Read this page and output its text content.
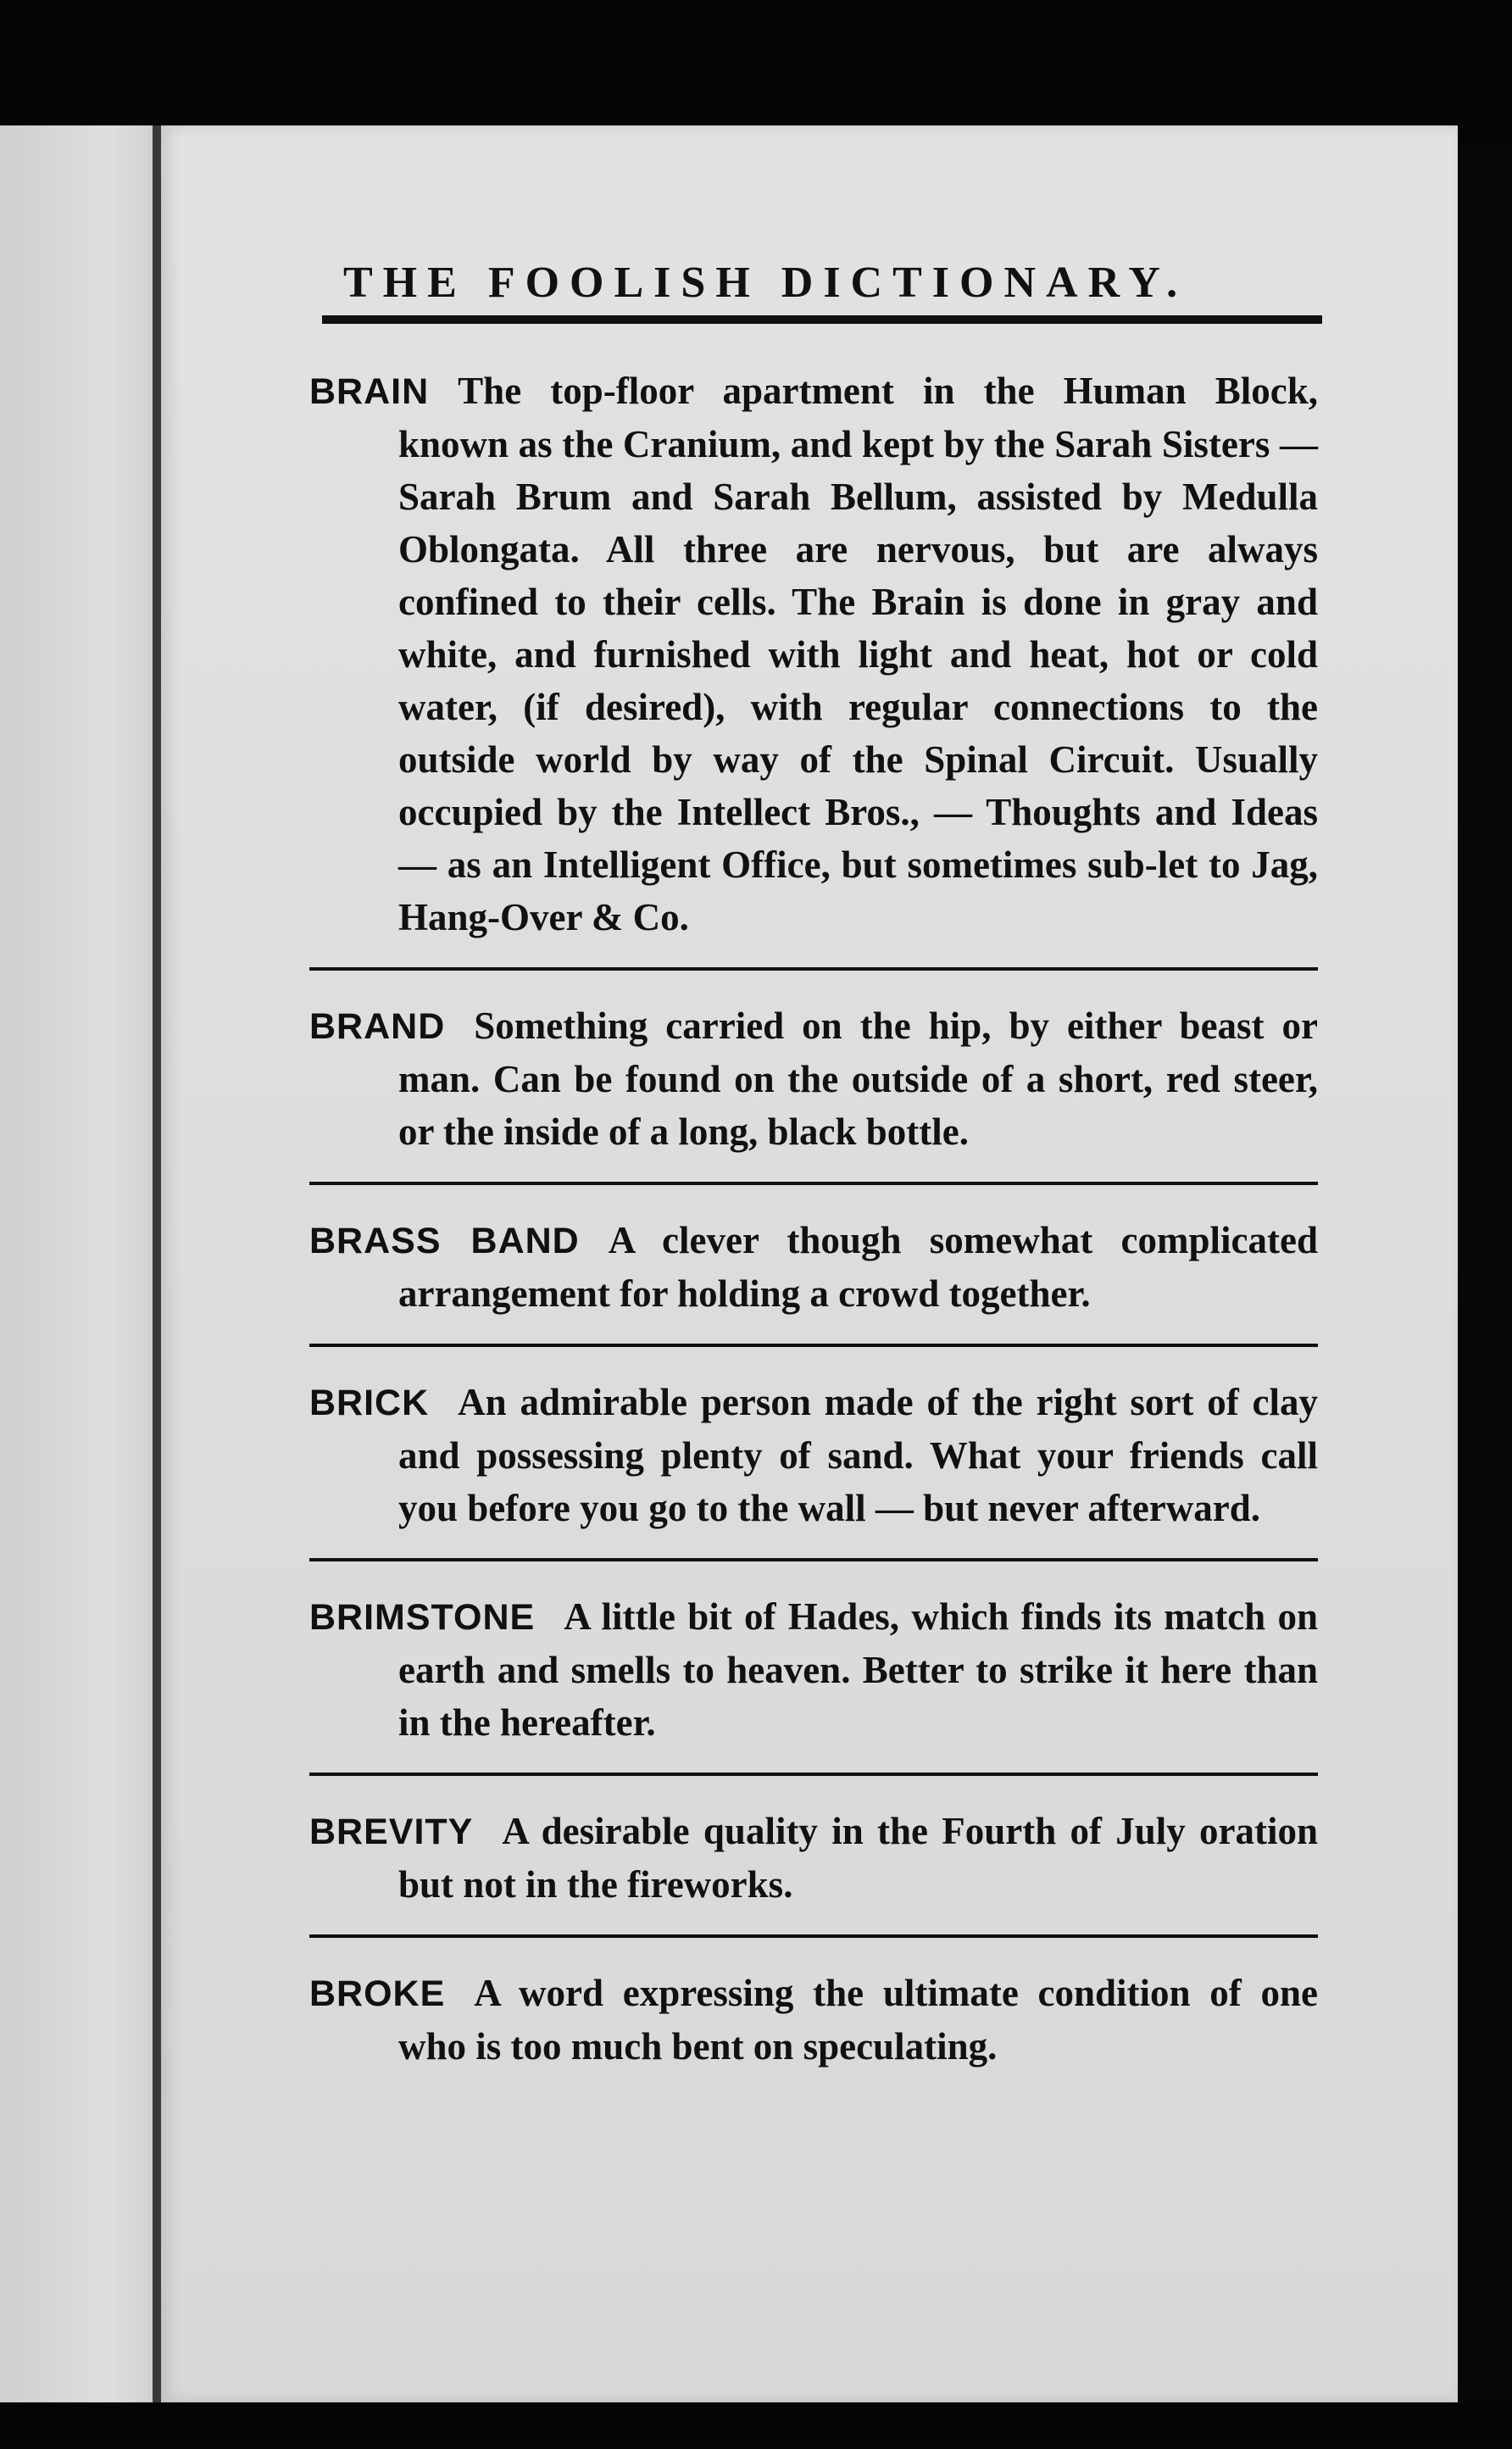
THE FOOLISH DICTIONARY.

BRAIN The top-floor apartment in the Human Block, known as the Cranium, and kept by the Sarah Sisters — Sarah Brum and Sarah Bellum, assisted by Medulla Oblongata. All three are nervous, but are always confined to their cells. The Brain is done in gray and white, and furnished with light and heat, hot or cold water, (if desired), with regular connections to the outside world by way of the Spinal Circuit. Usually occupied by the Intellect Bros., — Thoughts and Ideas — as an Intelligent Office, but sometimes sub-let to Jag, Hang-Over & Co.

BRAND Something carried on the hip, by either beast or man. Can be found on the outside of a short, red steer, or the inside of a long, black bottle.

BRASS BAND A clever though somewhat complicated arrangement for holding a crowd together.

BRICK An admirable person made of the right sort of clay and possessing plenty of sand. What your friends call you before you go to the wall — but never afterward.

BRIMSTONE A little bit of Hades, which finds its match on earth and smells to heaven. Better to strike it here than in the hereafter.

BREVITY A desirable quality in the Fourth of July oration but not in the fireworks.

BROKE A word expressing the ultimate condition of one who is too much bent on speculating.
